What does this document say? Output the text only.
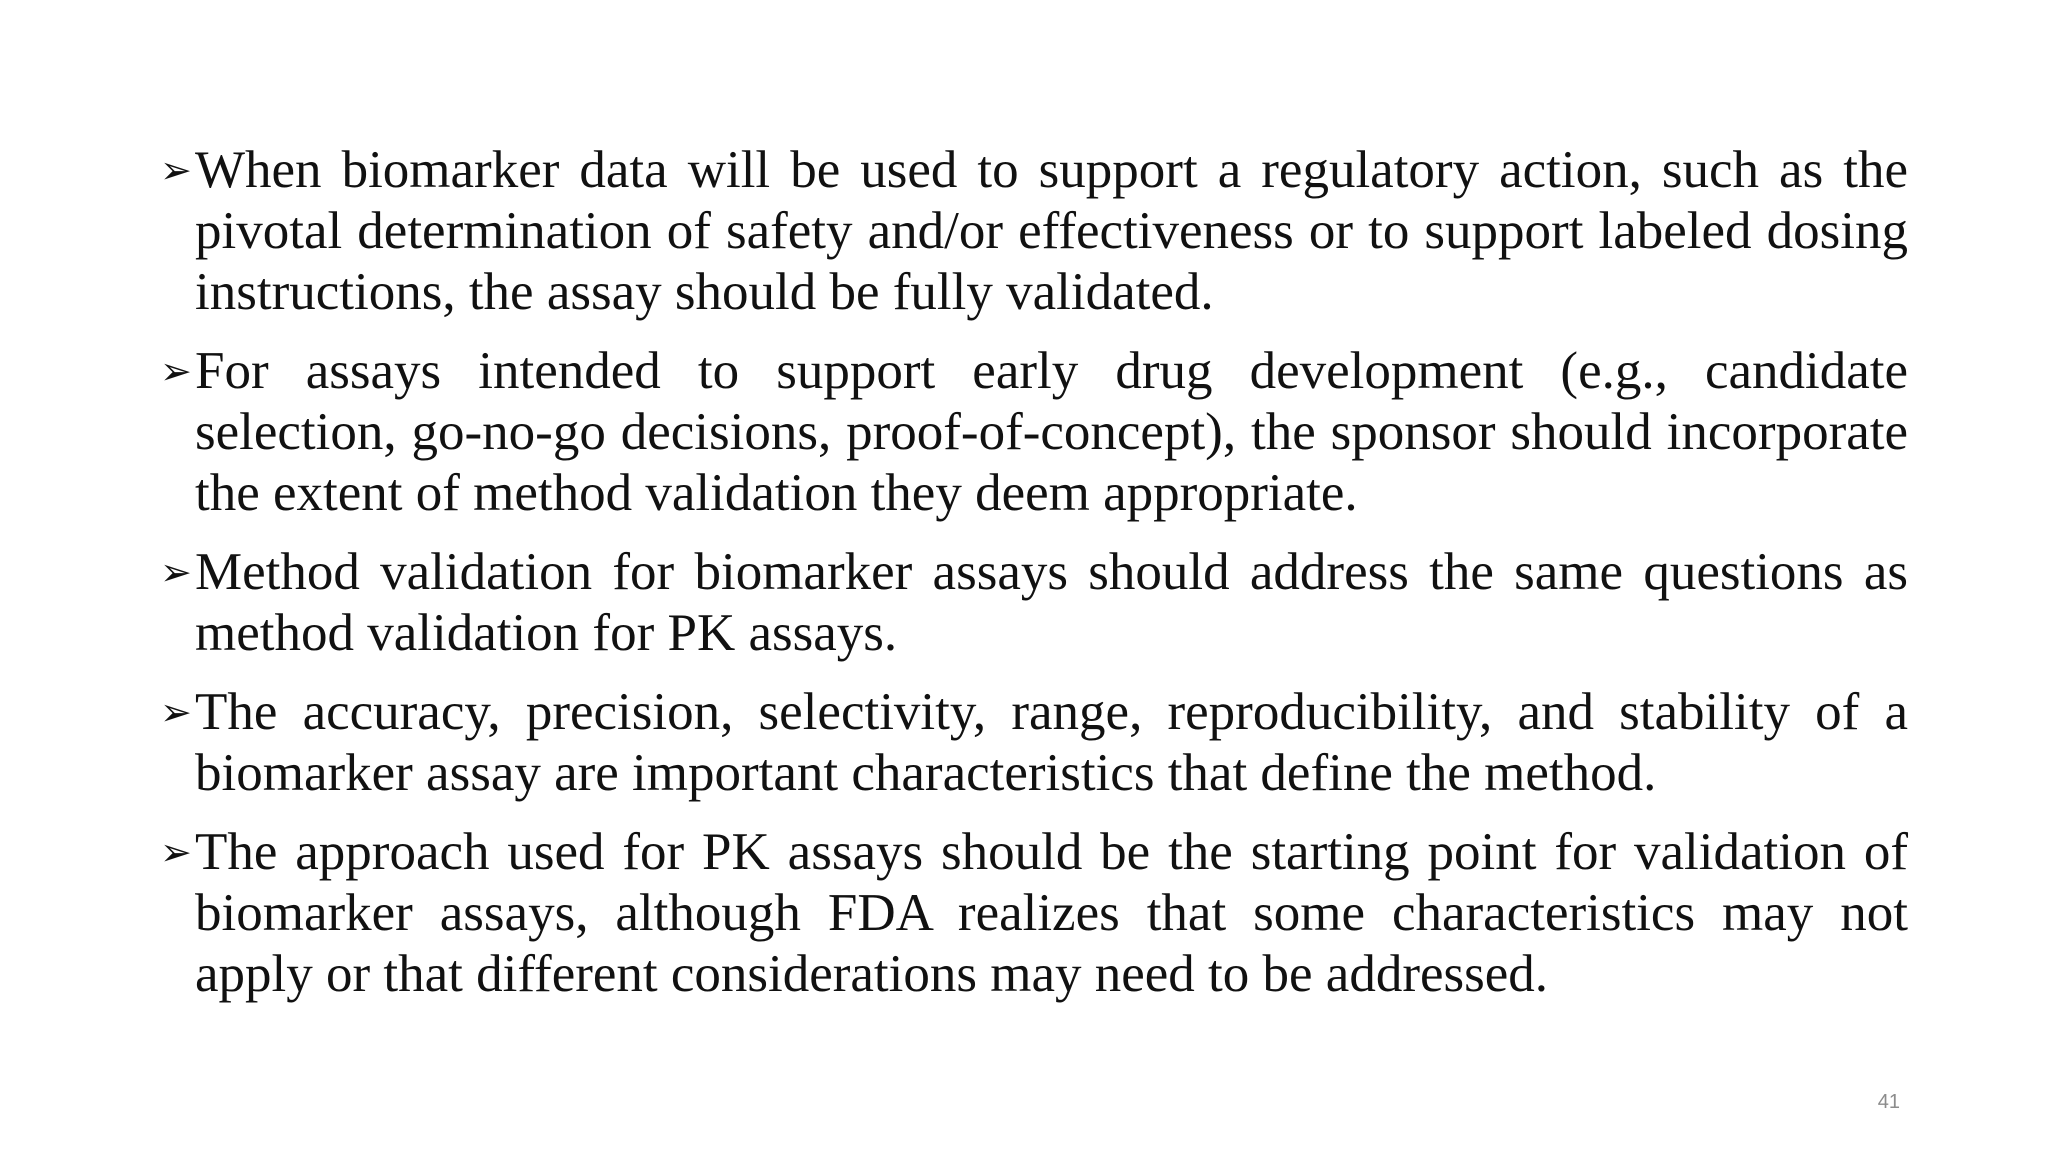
➢ When biomarker data will be used to support a regulatory action, such as the pivotal determination of safety and/or effectiveness or to support labeled dosing instructions, the assay should be fully validated.
➢ For assays intended to support early drug development (e.g., candidate selection, go-no-go decisions, proof-of-concept), the sponsor should incorporate the extent of method validation they deem appropriate.
➢ Method validation for biomarker assays should address the same questions as method validation for PK assays.
➢ The accuracy, precision, selectivity, range, reproducibility, and stability of a biomarker assay are important characteristics that define the method.
➢ The approach used for PK assays should be the starting point for validation of biomarker assays, although FDA realizes that some characteristics may not apply or that different considerations may need to be addressed.
41
